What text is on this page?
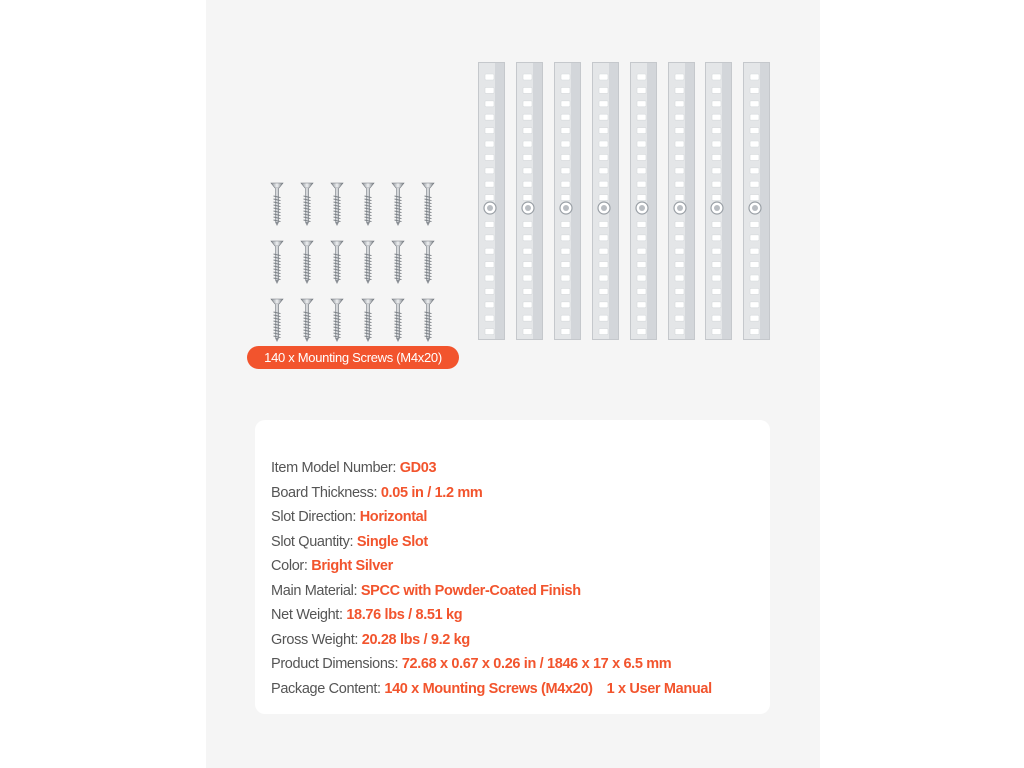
140 x Mounting Screws (M4x20)
Item Model Number: GD03
Board Thickness: 0.05 in / 1.2 mm
Slot Direction: Horizontal
Slot Quantity: Single Slot
Color: Bright Silver
Main Material: SPCC with Powder-Coated Finish
Net Weight: 18.76 lbs / 8.51 kg
Gross Weight: 20.28 lbs / 9.2 kg
Product Dimensions: 72.68 x 0.67 x 0.26 in / 1846 x 17 x 6.5 mm
Package Content: 140 x Mounting Screws (M4x20) 1 x User Manual
